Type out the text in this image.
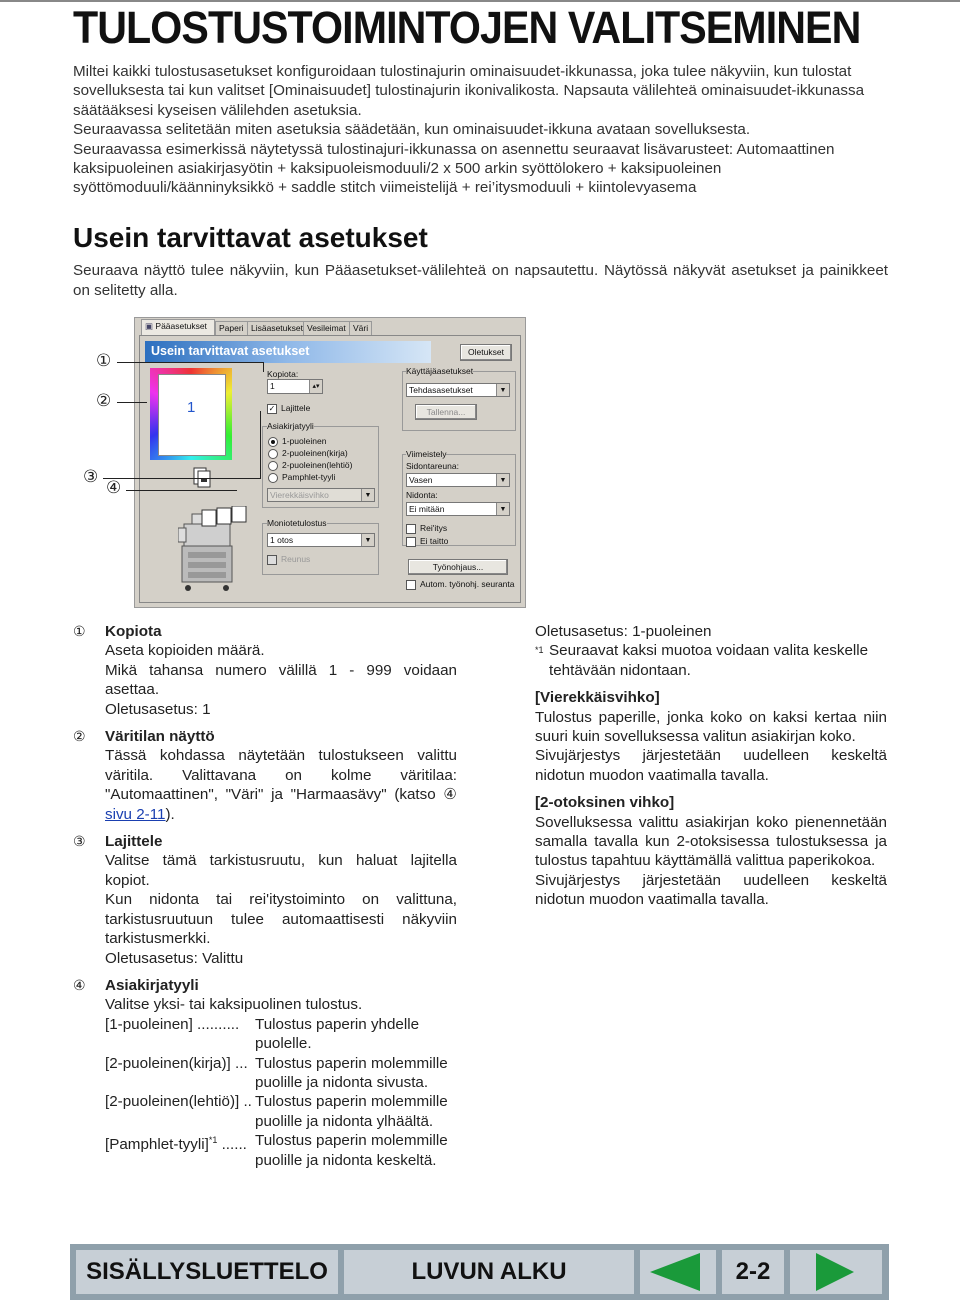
TULOSTUSTOIMINTOJEN VALITSEMINEN

Miltei kaikki tulostusasetukset konfiguroidaan tulostinajurin ominaisuudet-ikkunassa, joka tulee näkyviin, kun tulostat sovelluksesta tai kun valitset [Ominaisuudet] tulostinajurin ikonivalikosta. Napsauta välilehteä ominaisuudet-ikkunassa säätääksesi kyseisen välilehden asetuksia.

Seuraavassa selitetään miten asetuksia säädetään, kun ominaisuudet-ikkuna avataan sovelluksesta.

Seuraavassa esimerkissä näytetyssä tulostinajuri-ikkunassa on asennettu seuraavat lisävarusteet: Automaattinen kaksipuoleinen asiakirjasyötin + kaksipuoleismoduuli/2 x 500 arkin syöttölokero + kaksipuoleinen syöttömoduuli/käänninyksikkö + saddle stitch viimeistelijä + rei’itysmoduuli + kiintolevyasema

Usein tarvittavat asetukset
Seuraava näyttö tulee näkyviin, kun Pääasetukset-välilehteä on napsautettu. Näytössä näkyvät asetukset ja painikkeet on selitetty alla.
▣ Pääasetukset	Paperi Lisäasetukset Vesileimat Väri
Usein tarvittavat asetukset	Oletukset
1
Kopiota:
1	▴▾
✓ Lajittele
Asiakirjatyyli
1-puoleinen
2-puoleinen(kirja)
2-puoleinen(lehtiö)
Pamphlet-tyyli
Vierekkäisvihko	▼
Moniotetulostus
1 otos	▼
Reunus
Käyttäjäasetukset
Tehdasasetukset	▼
Tallenna...
Viimeistely
Sidontareuna:
Vasen	▼
Nidonta:
Ei mitään	▼
Rei'itys
Ei taitto
Työnohjaus...
Autom. työnohj. seuranta
①
②
③
④
① Kopiota

Aseta kopioiden määrä.

Mikä tahansa numero välillä 1 - 999 voidaan asettaa.

Oletusasetus: 1

② Väritilan näyttö
Tässä kohdassa näytetään tulostukseen valittu väritila. Valittavana on kolme väritilaa: "Automaattinen", "Väri" ja "Harmaasävy" (katso ④ sivu 2-11).
③ Lajittele

Valitse tämä tarkistusruutu, kun haluat lajitella kopiot.

Kun nidonta tai rei'itystoiminto on valittuna, tarkistusruutuun tulee automaattisesti näkyviin tarkistusmerkki.

Oletusasetus: Valittu

④ Asiakirjatyyli
Valitse yksi- tai kaksipuolinen tulostus.
[1-puoleinen] ..........	Tulostus paperin yhdelle puolelle.
[2-puoleinen(kirja)] ... Tulostus paperin molemmille puolille ja nidonta sivusta.
[2-puoleinen(lehtiö)] .. Tulostus paperin molemmille puolille ja nidonta ylhäältä.
[Pamphlet-tyyli]$^{*1}$ ...... Tulostus paperin molemmille puolille ja nidonta keskeltä.
Oletusasetus: 1-puoleinen
*1 Seuraavat kaksi muotoa voidaan valita keskelle tehtävään nidontaan.
[Vierekkäisvihko]
Tulostus paperille, jonka koko on kaksi kertaa niin suuri kuin sovelluksessa valitun asiakirjan koko.
Sivujärjestys järjestetään uudelleen keskeltä nidotun muodon vaatimalla tavalla.
[2-otoksinen vihko]
Sovelluksessa valittu asiakirjan koko pienennetään samalla tavalla kun 2-otoksisessa tulostuksessa ja tulostus tapahtuu käyttämällä valittua paperikokoa.
Sivujärjestys järjestetään uudelleen keskeltä nidotun muodon vaatimalla tavalla.
SISÄLLYSLUETTELO	LUVUN ALKU	2-2
